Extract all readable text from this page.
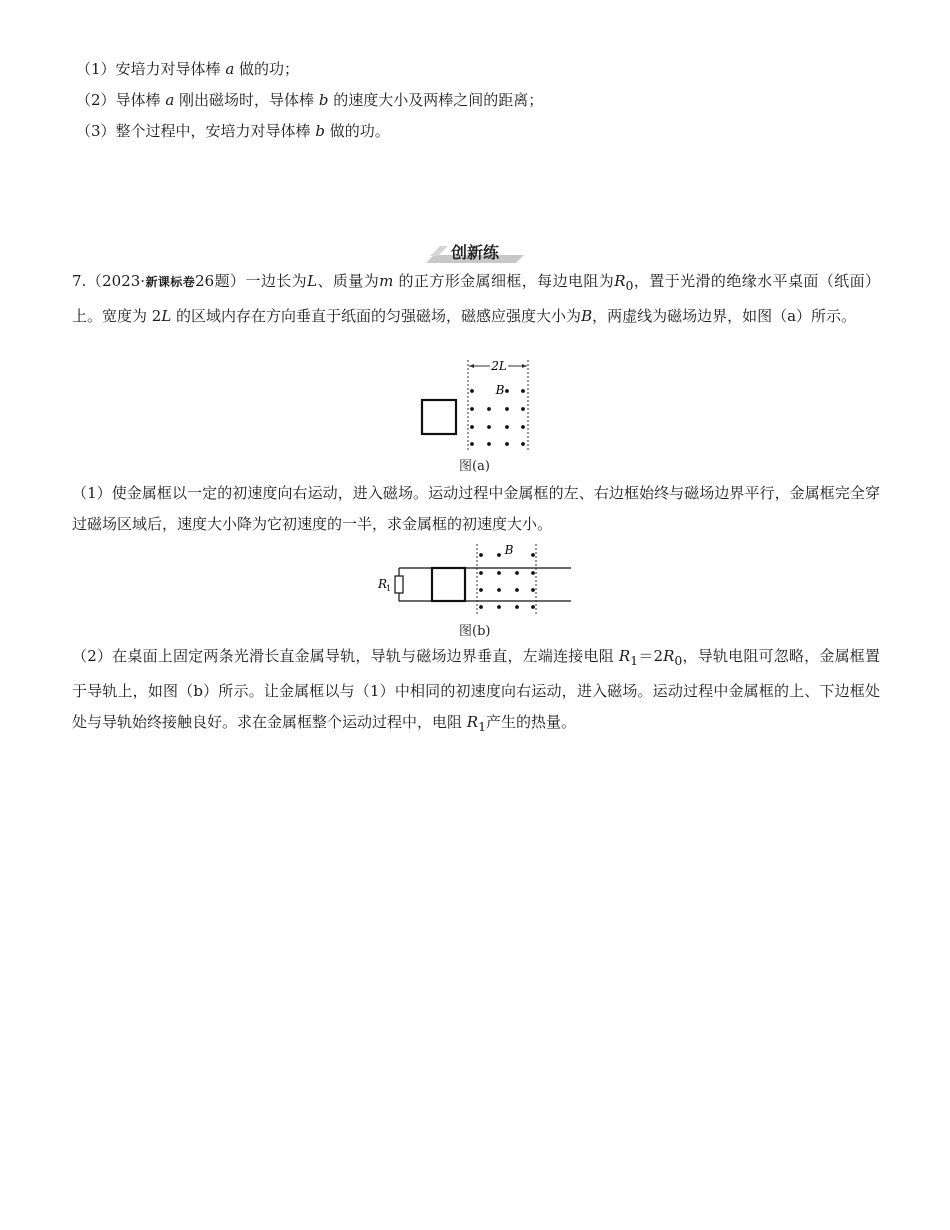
（1）安培力对导体棒 a 做的功；
（2）导体棒 a 刚出磁场时，导体棒 b 的速度大小及两棒之间的距离；
（3）整个过程中，安培力对导体棒 b 做的功。
创新练
7.（2023·新课标卷26题）一边长为L、质量为m 的正方形金属细框，每边电阻为$R_0$，置于光滑的绝缘水平桌面（纸面）上。宽度为 2L 的区域内存在方向垂直于纸面的匀强磁场，磁感应强度大小为B，两虚线为磁场边界，如图（a）所示。
2L
B
图(a)
（1）使金属框以一定的初速度向右运动，进入磁场。运动过程中金属框的左、右边框始终与磁场边界平行，金属框完全穿过磁场区域后，速度大小降为它初速度的一半，求金属框的初速度大小。
R
1
B
图(b)
（2）在桌面上固定两条光滑长直金属导轨，导轨与磁场边界垂直，左端连接电阻 $R_1=2R_0$，导轨电阻可忽略，金属框置于导轨上，如图（b）所示。让金属框以与（1）中相同的初速度向右运动，进入磁场。运动过程中金属框的上、下边框处处与导轨始终接触良好。求在金属框整个运动过程中，电阻 $R_1$产生的热量。
